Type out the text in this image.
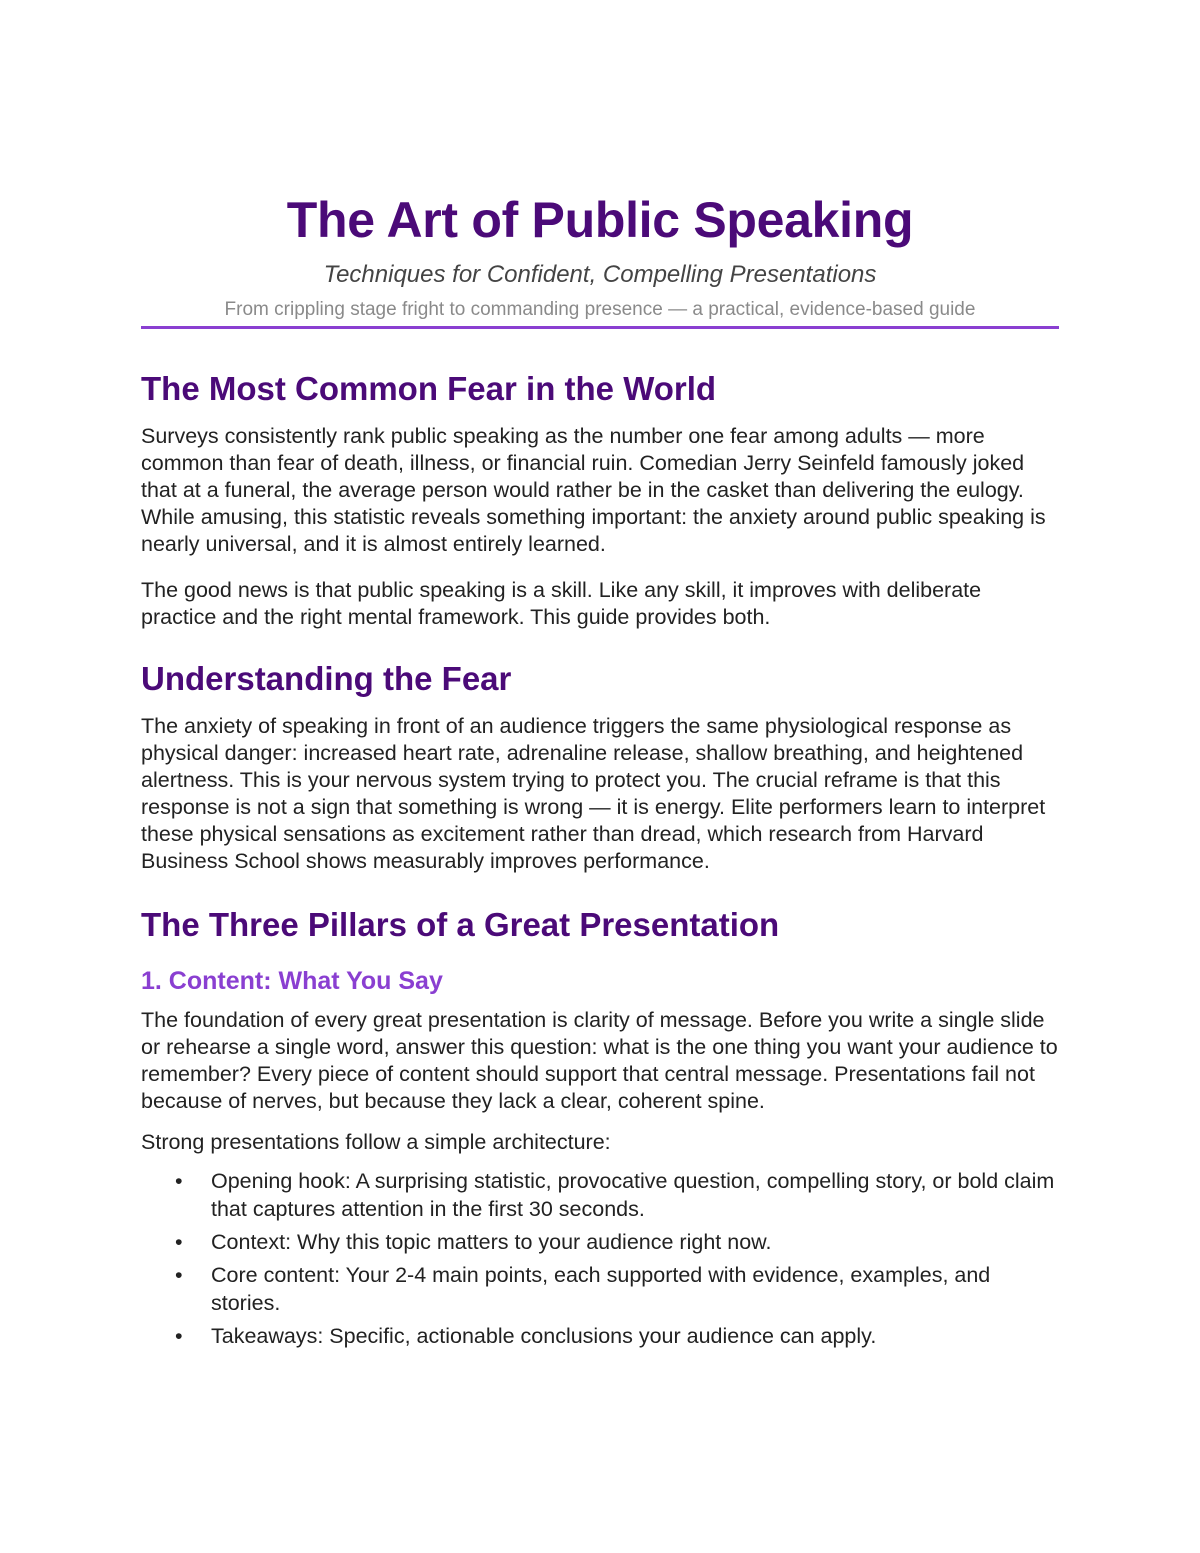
The Art of Public Speaking
Techniques for Confident, Compelling Presentations
From crippling stage fright to commanding presence — a practical, evidence-based guide
The Most Common Fear in the World

Surveys consistently rank public speaking as the number one fear among adults — more common than fear of death, illness, or financial ruin. Comedian Jerry Seinfeld famously joked that at a funeral, the average person would rather be in the casket than delivering the eulogy. While amusing, this statistic reveals something important: the anxiety around public speaking is nearly universal, and it is almost entirely learned.

The good news is that public speaking is a skill. Like any skill, it improves with deliberate practice and the right mental framework. This guide provides both.

Understanding the Fear

The anxiety of speaking in front of an audience triggers the same physiological response as physical danger: increased heart rate, adrenaline release, shallow breathing, and heightened alertness. This is your nervous system trying to protect you. The crucial reframe is that this response is not a sign that something is wrong — it is energy. Elite performers learn to interpret these physical sensations as excitement rather than dread, which research from Harvard Business School shows measurably improves performance.

The Three Pillars of a Great Presentation
1. Content: What You Say

The foundation of every great presentation is clarity of message. Before you write a single slide or rehearse a single word, answer this question: what is the one thing you want your audience to remember? Every piece of content should support that central message. Presentations fail not because of nerves, but because they lack a clear, coherent spine.

Strong presentations follow a simple architecture:

• Opening hook: A surprising statistic, provocative question, compelling story, or bold claim that captures attention in the first 30 seconds.
• Context: Why this topic matters to your audience right now.
• Core content: Your 2-4 main points, each supported with evidence, examples, and stories.
• Takeaways: Specific, actionable conclusions your audience can apply.
